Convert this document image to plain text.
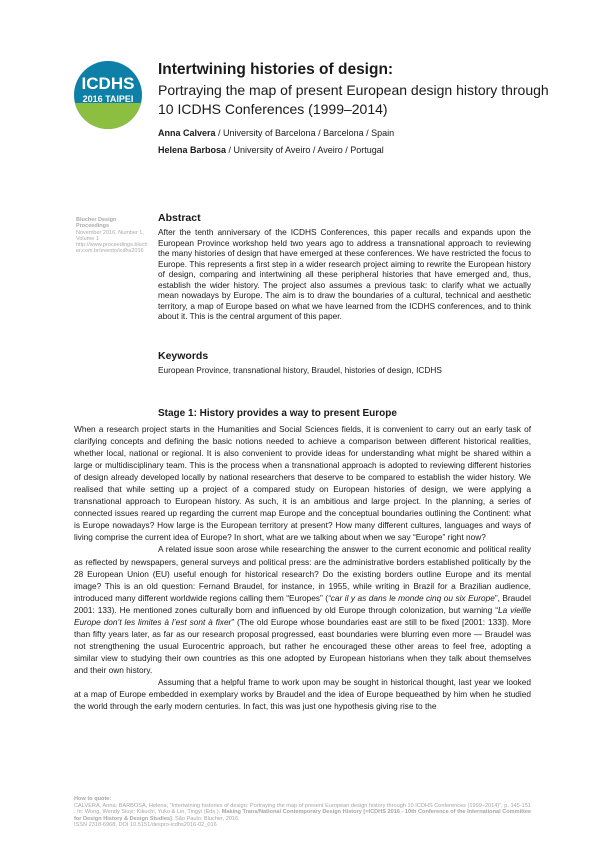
ICDHS
2016 TAIPEI
Intertwining histories of design:

Portraying the map of present European design history through 10 ICDHS Conferences (1999–2014)

Anna Calvera / University of Barcelona / Barcelona / Spain
Helena Barbosa / University of Aveiro / Aveiro / Portugal
Blucher Design Proceedings
November 2016, Number 1, Volume 1
http://www.proceedings.blucher.com.br/evento/icdhs2016
Abstract

After the tenth anniversary of the ICDHS Conferences, this paper recalls and expands upon the European Province workshop held two years ago to address a transnational approach to reviewing the many histories of design that have emerged at these conferences. We have restricted the focus to Europe. This represents a first step in a wider research project aiming to rewrite the European history of design, comparing and intertwining all these peripheral histories that have emerged and, thus, establish the wider history. The project also assumes a previous task: to clarify what we actually mean nowadays by Europe. The aim is to draw the boundaries of a cultural, technical and aesthetic territory, a map of Europe based on what we have learned from the ICDHS conferences, and to think about it. This is the central argument of this paper.

Keywords

European Province, transnational history, Braudel, histories of design, ICDHS

Stage 1: History provides a way to present Europe

When a research project starts in the Humanities and Social Sciences fields, it is convenient to carry out an early task of clarifying concepts and defining the basic notions needed to achieve a comparison between different historical realities, whether local, national or regional. It is also convenient to provide ideas for understanding what might be shared within a large or multidisciplinary team. This is the process when a transnational approach is adopted to reviewing different histories of design already developed locally by national researchers that deserve to be compared to establish the wider history. We realised that while setting up a project of a compared study on European histories of design, we were applying a transnational approach to European history. As such, it is an ambitious and large project. In the planning, a series of connected issues reared up regarding the current map Europe and the conceptual boundaries outlining the Continent: what is Europe nowadays? How large is the European territory at present? How many different cultures, languages and ways of living comprise the current idea of Europe? In short, what are we talking about when we say “Europe” right now?

A related issue soon arose while researching the answer to the current economic and political reality as reflected by newspapers, general surveys and political press: are the administrative borders established politically by the 28 European Union (EU) useful enough for historical research? Do the existing borders outline Europe and its mental image? This is an old question: Fernand Braudel, for instance, in 1955, while writing in Brazil for a Brazilian audience, introduced many different worldwide regions calling them “Europes” (“car il y as dans le monde cinq ou six Europe”, Braudel 2001: 133). He mentioned zones culturally born and influenced by old Europe through colonization, but warning “La vieille Europe don’t les limites à l’est sont à fixer” (The old Europe whose boundaries east are still to be fixed [2001: 133]). More than fifty years later, as far as our research proposal progressed, east boundaries were blurring even more — Braudel was not strengthening the usual Eurocentric approach, but rather he encouraged these other areas to feel free, adopting a similar view to studying their own countries as this one adopted by European historians when they talk about themselves and their own history.

Assuming that a helpful frame to work upon may be sought in historical thought, last year we looked at a map of Europe embedded in exemplary works by Braudel and the idea of Europe bequeathed by him when he studied the world through the early modern centuries. In fact, this was just one hypothesis giving rise to the

How to quote:
CALVERA, Anna; BARBOSA, Helena; “Intertwining histories of design: Portraying the map of present European design history through 10 ICDHS Conferences (1999–2014)”, p. 145-151 . In: Wong, Wendy Siuyi; Kikuchi, Yuko & Lin, Tingyi (Eds.). Making Trans/National Contemporary Design History [=ICDHS 2016 - 10th Conference of the International Committee for Design History & Design Studies]. São Paulo: Blucher, 2016.
ISSN 2318-6968, DOI 10.5151/despro-icdhs2016-02_016
